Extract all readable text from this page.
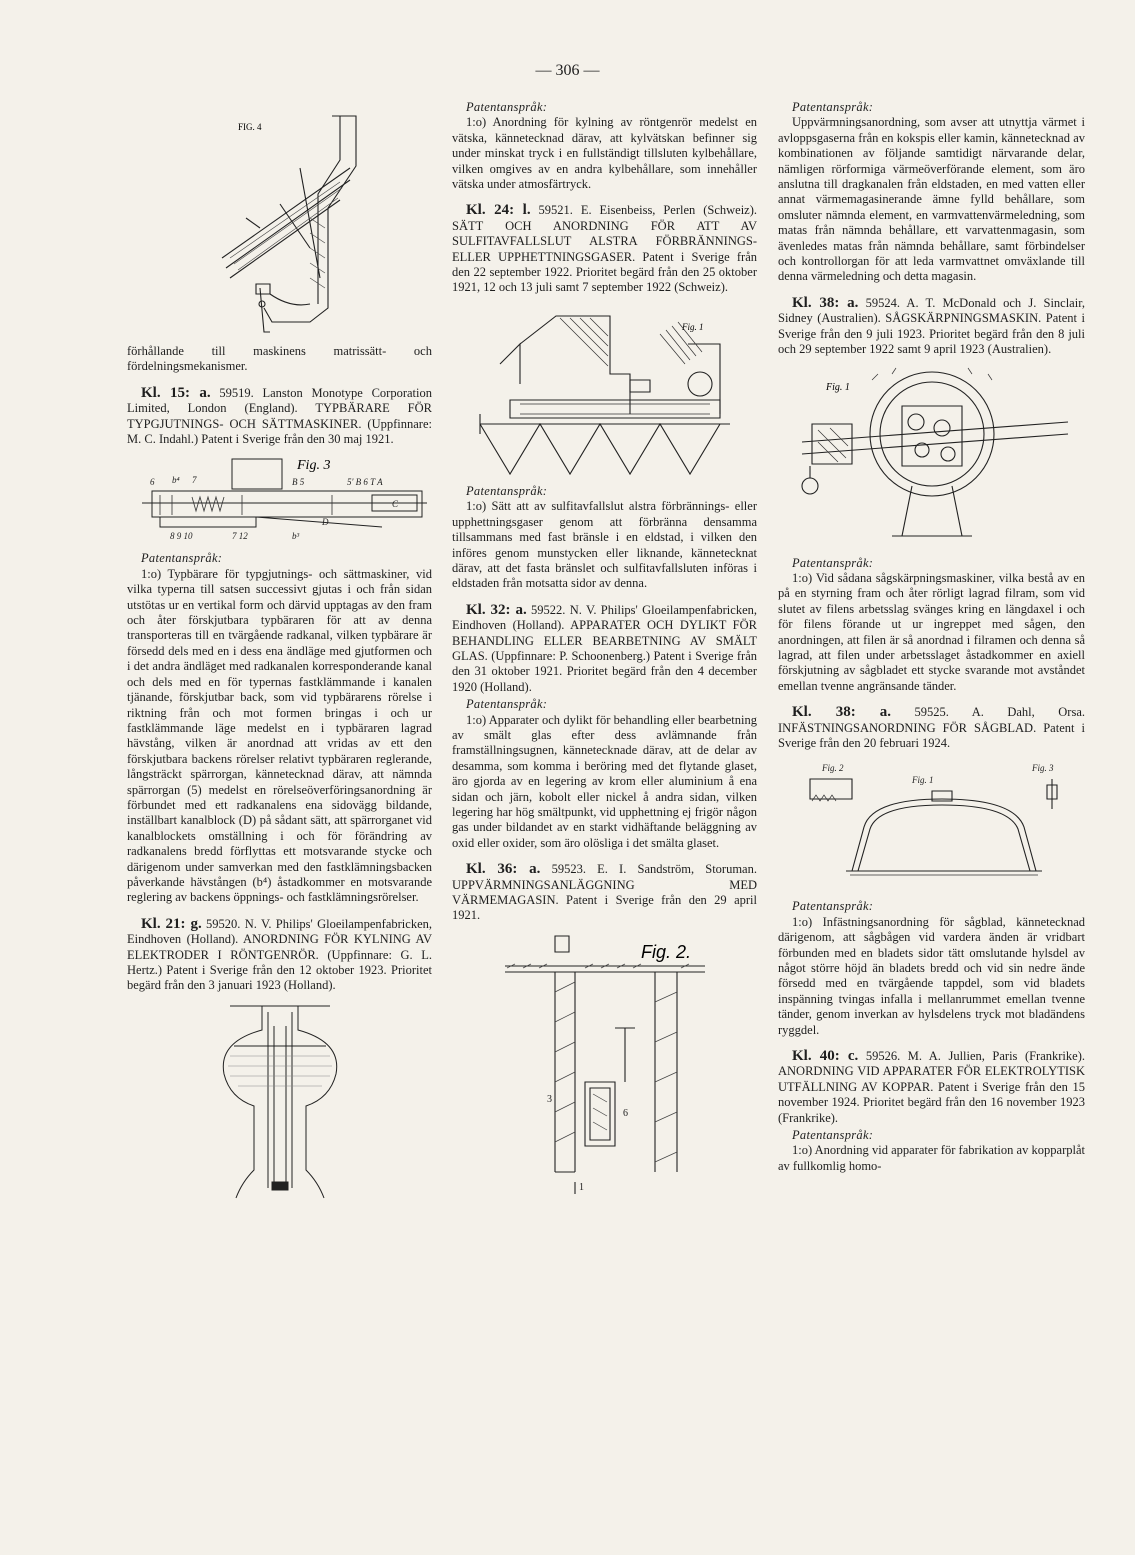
— 306 —
FIG. 4

förhållande till maskinens matrissätt- och fördelningsmekanismer.

Kl. 15: a. 59519. Lanston Monotype Corporation Limited, London (England). TYPBÄRARE FÖR TYPGJUTNINGS- OCH SÄTTMASKINER. (Uppfinnare: M. C. Indahl.) Patent i Sverige från den 30 maj 1921.

Fig. 3
6 b⁴ 7	B 5	5' B 6 T A
8 9 10	7 12	b³
C
D

Patentanspråk:

1:o) Typbärare för typgjutnings- och sättmaskiner, vid vilka typerna till satsen successivt gjutas i och från sidan utstötas ur en vertikal form och därvid upptagas av den fram och åter förskjutbara typbäraren för att av denna transporteras till en tvärgående radkanal, vilken typbärare är försedd dels med en i dess ena ändläge med gjutformen och i det andra ändläget med radkanalen korresponderande kanal och dels med en för typernas fastklämmande i kanalen tjänande, förskjutbar back, som vid typbärarens rörelse i riktning från och mot formen bringas i och ur fastklämmande läge medelst en i typbäraren lagrad hävstång, vilken är anordnad att vridas av ett den förskjutbara backens rörelser relativt typbäraren reglerande, långsträckt spärrorgan, kännetecknad därav, att nämnda spärrorgan (5) medelst en rörelseöverföringsanordning är förbundet med ett radkanalens ena sidovägg bildande, inställbart kanalblock (D) på sådant sätt, att spärrorganet vid kanalblockets omställning i och för förändring av radkanalens bredd förflyttas ett motsvarande stycke och därigenom under samverkan med den fastklämningsbacken påverkande hävstången (b⁴) åstadkommer en motsvarande reglering av backens öppnings- och fastklämningsrörelser.

Kl. 21: g. 59520. N. V. Philips' Gloeilampenfabricken, Eindhoven (Holland). ANORDNING FÖR KYLNING AV ELEKTRODER I RÖNTGENRÖR. (Uppfinnare: G. L. Hertz.) Patent i Sverige från den 12 oktober 1923. Prioritet begärd från den 3 januari 1923 (Holland).

Patentanspråk:

1:o) Anordning för kylning av röntgenrör medelst en vätska, kännetecknad därav, att kylvätskan befinner sig under minskat tryck i en fullständigt tillsluten kylbehållare, vilken omgives av en andra kylbehållare, som innehåller vätska under atmosfärtryck.

Kl. 24: l. 59521. E. Eisenbeiss, Perlen (Schweiz). SÄTT OCH ANORDNING FÖR ATT AV SULFITAVFALLSLUT ALSTRA FÖRBRÄNNINGS- ELLER UPPHETTNINGSGASER. Patent i Sverige från den 22 september 1922. Prioritet begärd från den 25 oktober 1921, 12 och 13 juli samt 7 september 1922 (Schweiz).

Fig. 1

Patentanspråk:

1:o) Sätt att av sulfitavfallslut alstra förbrännings- eller upphettningsgaser genom att förbränna densamma tillsammans med fast bränsle i en eldstad, i vilken den införes genom munstycken eller liknande, kännetecknat därav, att det fasta bränslet och sulfitavfallsluten införas i eldstaden från motsatta sidor av denna.

Kl. 32: a. 59522. N. V. Philips' Gloeilampenfabricken, Eindhoven (Holland). APPARATER OCH DYLIKT FÖR BEHANDLING ELLER BEARBETNING AV SMÄLT GLAS. (Uppfinnare: P. Schoonenberg.) Patent i Sverige från den 31 oktober 1921. Prioritet begärd från den 4 december 1920 (Holland).

Patentanspråk:

1:o) Apparater och dylikt för behandling eller bearbetning av smält glas efter dess avlämnande från framställningsugnen, kännetecknade därav, att de delar av desamma, som komma i beröring med det flytande glaset, äro gjorda av en legering av krom eller aluminium å ena sidan och järn, kobolt eller nickel å andra sidan, vilken legering har hög smältpunkt, vid upphettning ej frigör någon gas under bildandet av en starkt vidhäftande beläggning av oxid eller oxider, som äro olösliga i det smälta glaset.

Kl. 36: a. 59523. E. I. Sandström, Storuman. UPPVÄRMNINGSANLÄGGNING MED VÄRMEMAGASIN. Patent i Sverige från den 29 april 1921.

Fig. 2.
3
6
1

Patentanspråk:

Uppvärmningsanordning, som avser att utnyttja värmet i avloppsgaserna från en kokspis eller kamin, kännetecknad av kombinationen av följande samtidigt närvarande delar, nämligen rörformiga värmeöverförande element, som äro anslutna till dragkanalen från eldstaden, en med vatten eller annat värmemagasinerande ämne fylld behållare, som omsluter nämnda element, en varmvattenvärmeledning, som matas från nämnda behållare, ett varvattenmagasin, som ävenledes matas från nämnda behållare, samt förbindelser och kontrollorgan för att leda varmvattnet omväxlande till denna värmeledning och detta magasin.

Kl. 38: a. 59524. A. T. McDonald och J. Sinclair, Sidney (Australien). SÅGSKÄRPNINGSMASKIN. Patent i Sverige från den 9 juli 1923. Prioritet begärd från den 8 juli och 29 september 1922 samt 9 april 1923 (Australien).

Fig. 1

Patentanspråk:

1:o) Vid sådana sågskärpningsmaskiner, vilka bestå av en på en styrning fram och åter rörligt lagrad filram, som vid slutet av filens arbetsslag svänges kring en längdaxel i och för filens förande ut ur ingreppet med sågen, den anordningen, att filen är så anordnad i filramen och denna så lagrad, att filen under arbetsslaget åstadkommer en axiell förskjutning av sågbladet ett stycke svarande mot avståndet emellan tvenne angränsande tänder.

Kl. 38: a. 59525. A. Dahl, Orsa. INFÄSTNINGSANORDNING FÖR SÅGBLAD. Patent i Sverige från den 20 februari 1924.

Fig. 2
Fig. 1
Fig. 3

Patentanspråk:

1:o) Infästningsanordning för sågblad, kännetecknad därigenom, att sågbågen vid vardera änden är vridbart förbunden med en bladets sidor tätt omslutande hylsdel av något större höjd än bladets bredd och vid sin nedre ände försedd med en tvärgående tappdel, som vid bladets inspänning tvingas infalla i mellanrummet emellan tvenne tänder, genom inverkan av hylsdelens tryck mot bladändens ryggdel.

Kl. 40: c. 59526. M. A. Jullien, Paris (Frankrike). ANORDNING VID APPARATER FÖR ELEKTROLYTISK UTFÄLLNING AV KOPPAR. Patent i Sverige från den 15 november 1924. Prioritet begärd från den 16 november 1923 (Frankrike).

Patentanspråk:

1:o) Anordning vid apparater för fabrikation av kopparplåt av fullkomlig homo-
